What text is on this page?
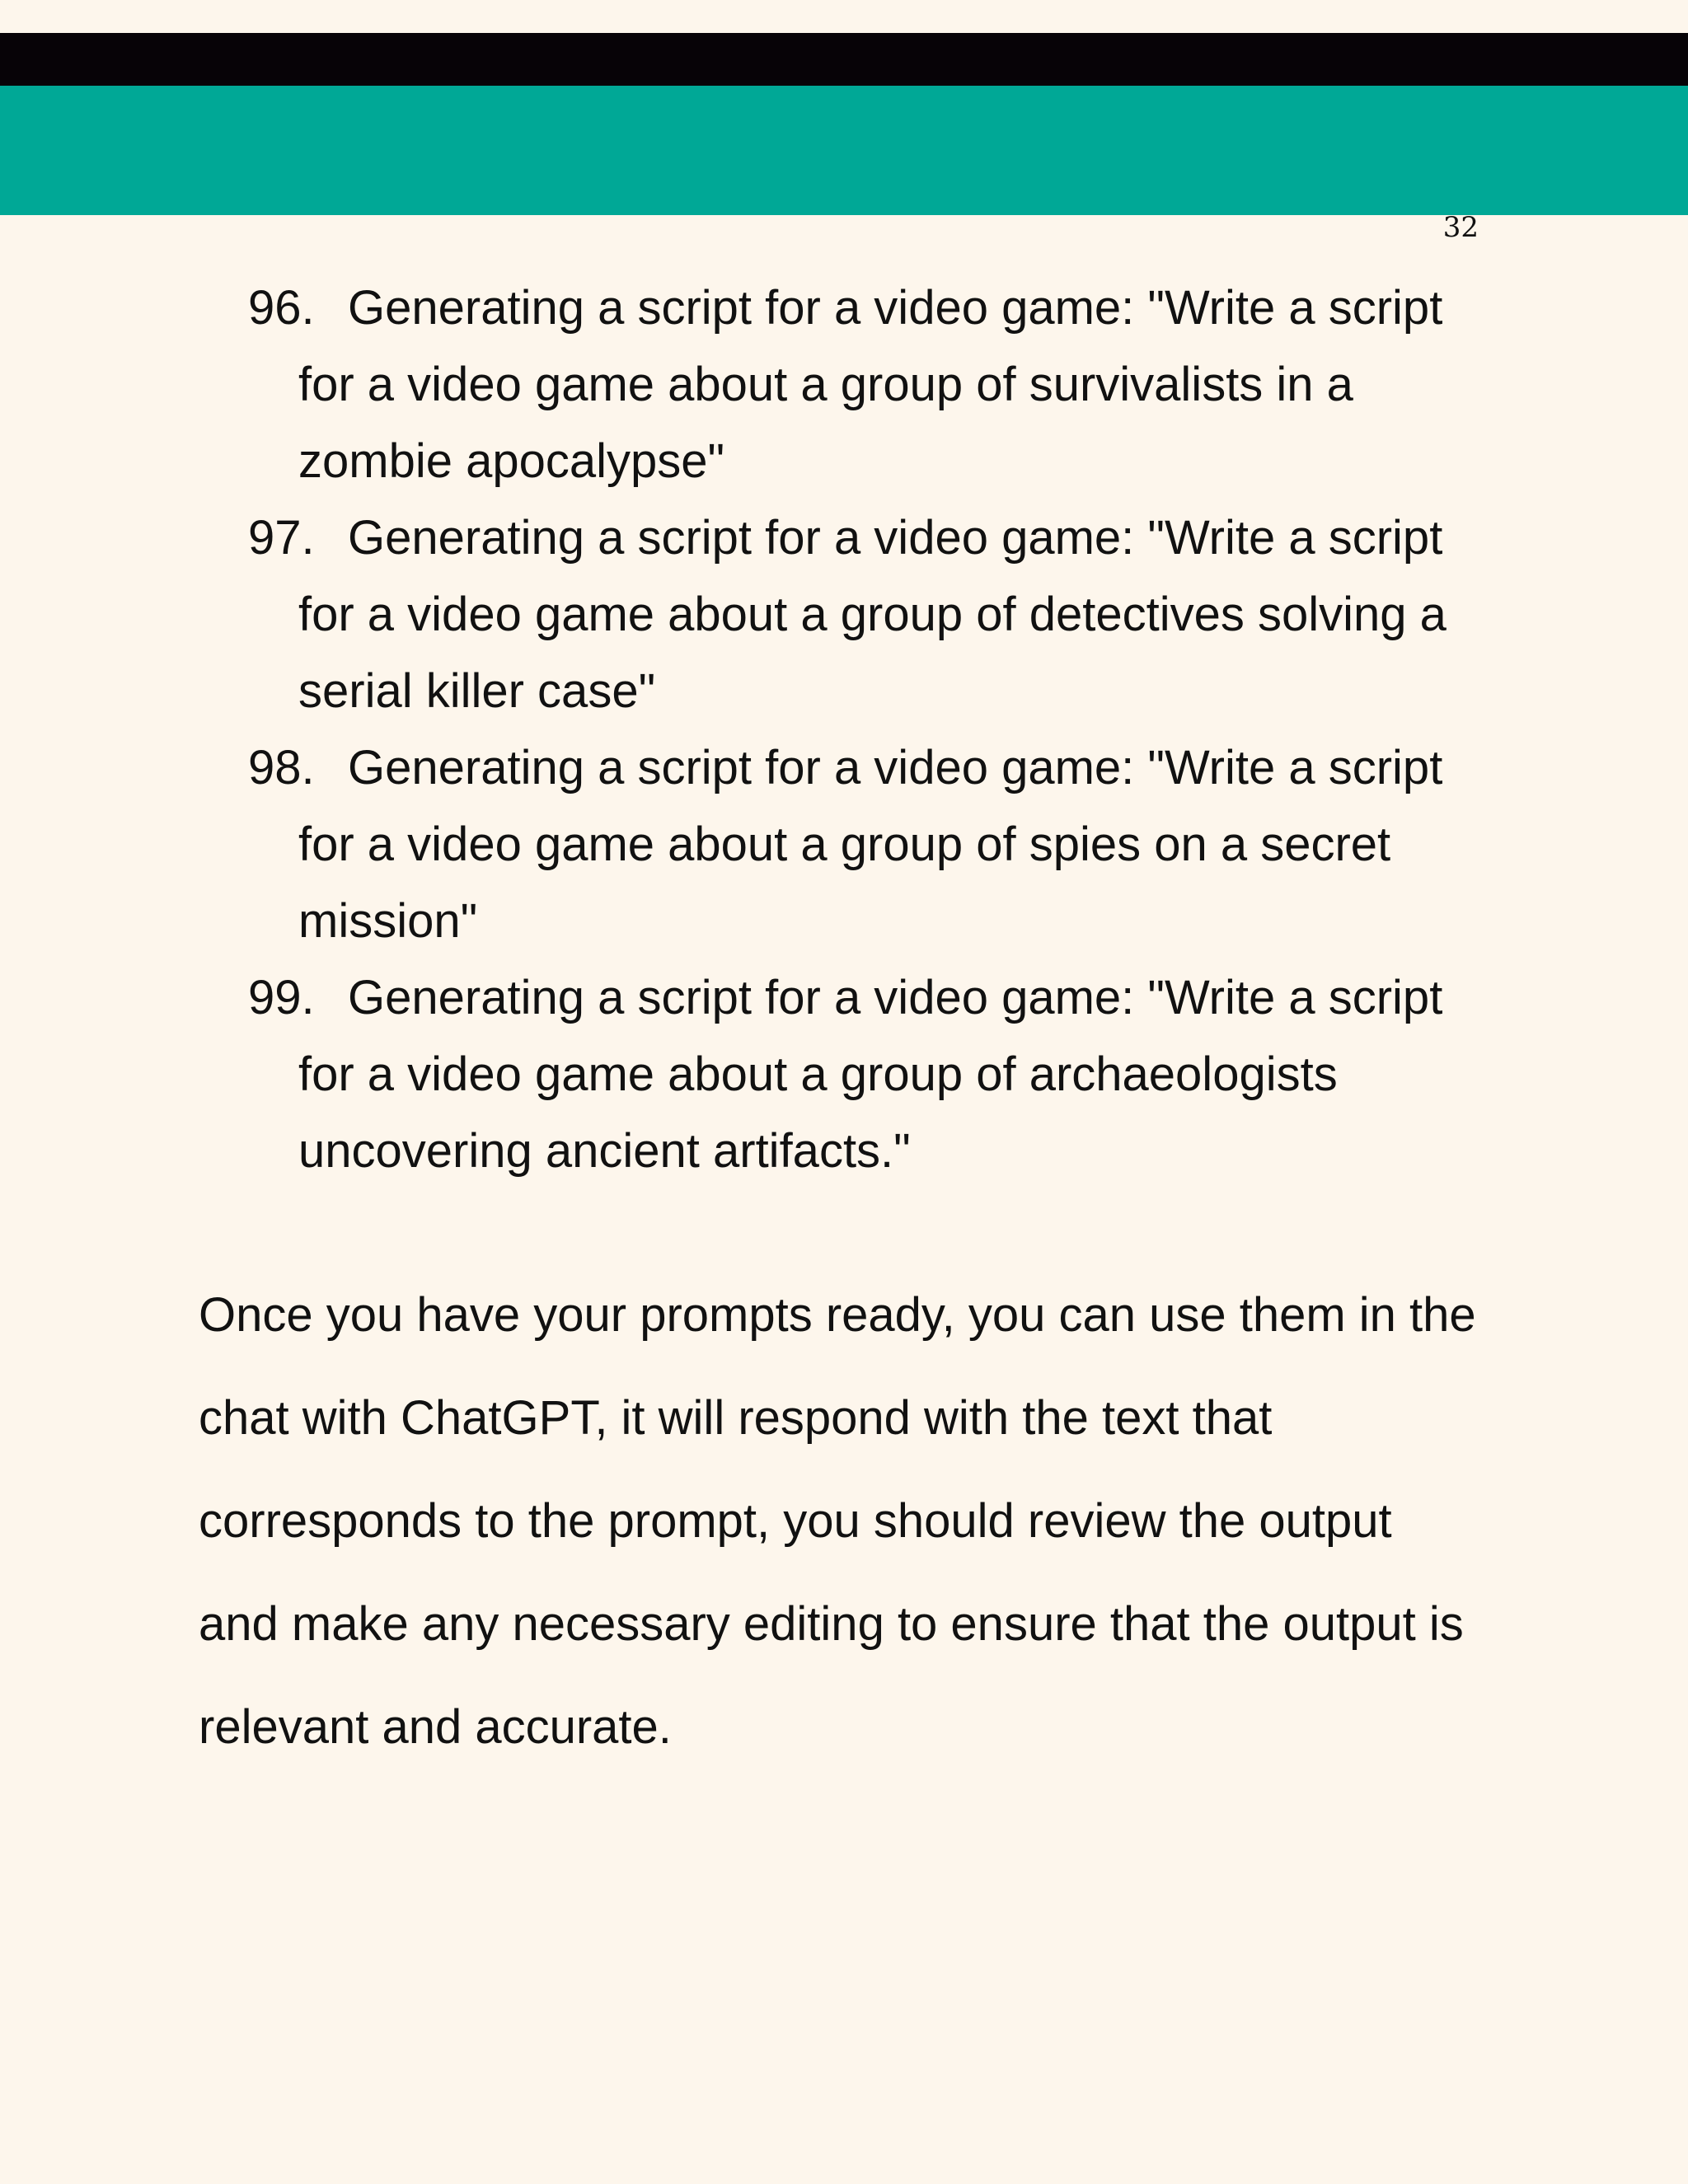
32
96. Generating a script for a video game: "Write a script for a video game about a group of survivalists in a zombie apocalypse"
97. Generating a script for a video game: "Write a script for a video game about a group of detectives solving a serial killer case"
98. Generating a script for a video game: "Write a script for a video game about a group of spies on a secret mission"
99. Generating a script for a video game: "Write a script for a video game about a group of archaeologists uncovering ancient artifacts."

Once you have your prompts ready, you can use them in the chat with ChatGPT, it will respond with the text that corresponds to the prompt, you should review the output and make any necessary editing to ensure that the output is relevant and accurate.
